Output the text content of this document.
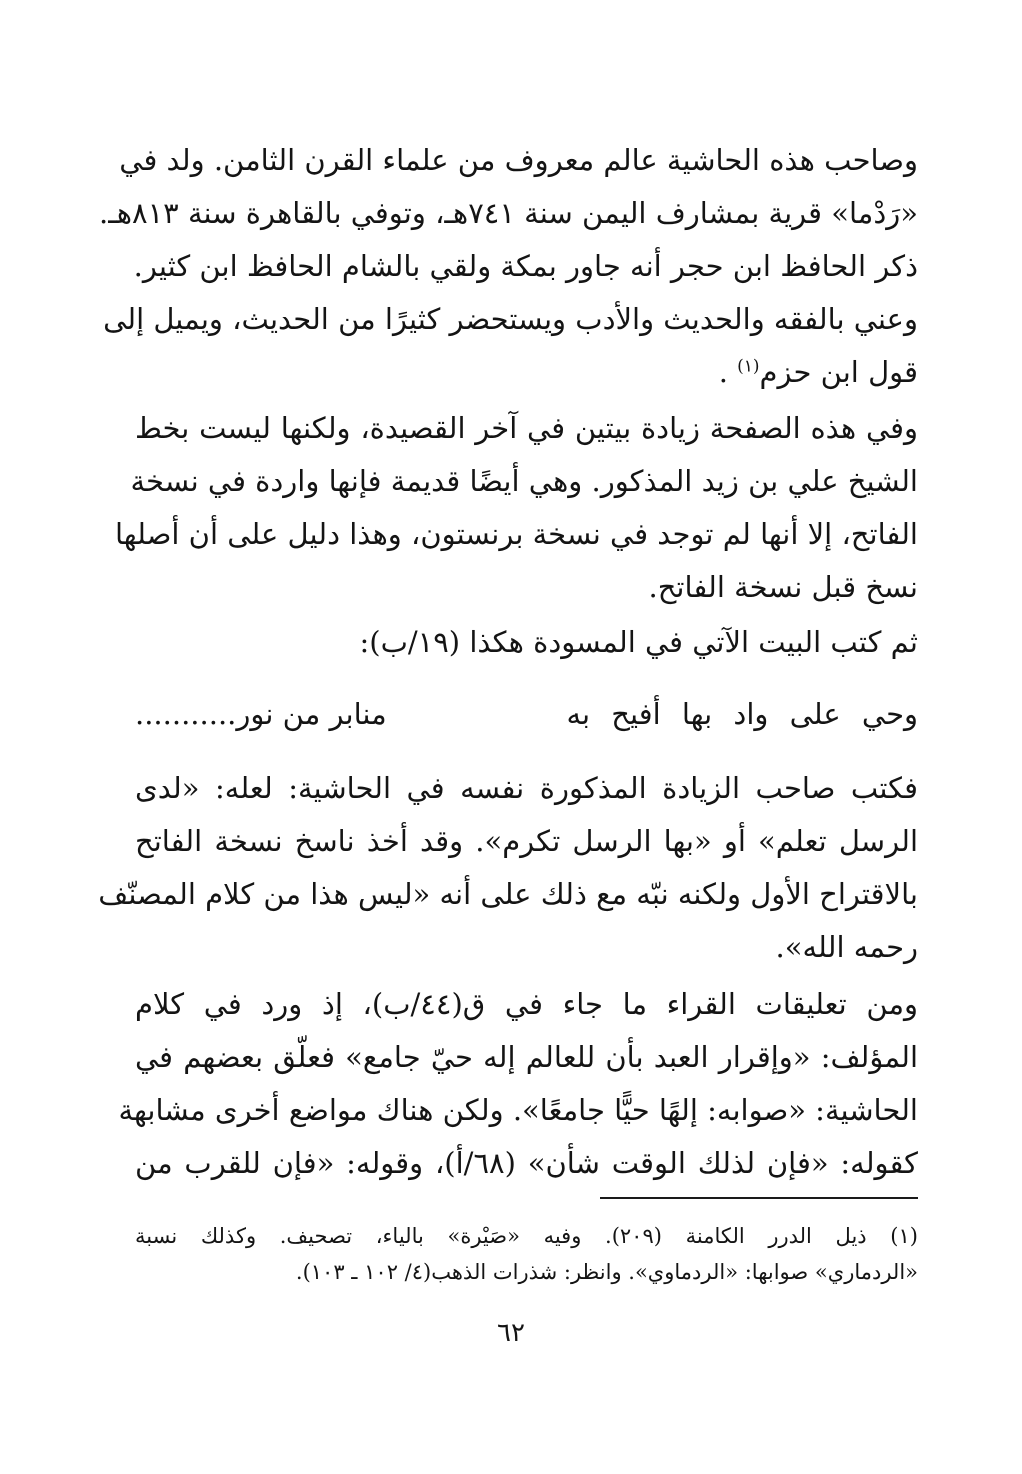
وصاحب هذه الحاشية عالم معروف من علماء القرن الثامن. ولد في
«رَدْما» قرية بمشارف اليمن سنة ٧٤١هـ، وتوفي بالقاهرة سنة ٨١٣هـ.
ذكر الحافظ ابن حجر أنه جاور بمكة ولقي بالشام الحافظ ابن كثير.
وعني بالفقه والحديث والأدب ويستحضر كثيرًا من الحديث، ويميل إلى
قول ابن حزم$^{(١)}$ .
وفي هذه الصفحة زيادة بيتين في آخر القصيدة، ولكنها ليست بخط
الشيخ علي بن زيد المذكور. وهي أيضًا قديمة فإنها واردة في نسخة
الفاتح، إلا أنها لم توجد في نسخة برنستون، وهذا دليل على أن أصلها
نسخ قبل نسخة الفاتح.
ثم كتب البيت الآتي في المسودة هكذا (١٩/ب):
وحي على واد بها أفيح به
منابر من نور...........
فكتب صاحب الزيادة المذكورة نفسه في الحاشية: لعله: «لدى
الرسل تعلم» أو «بها الرسل تكرم». وقد أخذ ناسخ نسخة الفاتح
بالاقتراح الأول ولكنه نبّه مع ذلك على أنه «ليس هذا من كلام المصنّف
رحمه الله».
ومن تعليقات القراء ما جاء في ق(٤٤/ب)، إذ ورد في كلام
المؤلف: «وإقرار العبد بأن للعالم إله حيّ جامع» فعلّق بعضهم في
الحاشية: «صوابه: إلهًا حيًّا جامعًا». ولكن هناك مواضع أخرى مشابهة
كقوله: «فإن لذلك الوقت شأن» (٦٨/أ)، وقوله: «فإن للقرب من
(١) ذيل الدرر الكامنة (٢٠٩). وفيه «صَيْرة» بالياء، تصحيف. وكذلك نسبة
«الردماري» صوابها: «الردماوي». وانظر: شذرات الذهب(٤/ ١٠٢ ـ ١٠٣).
٦٢
